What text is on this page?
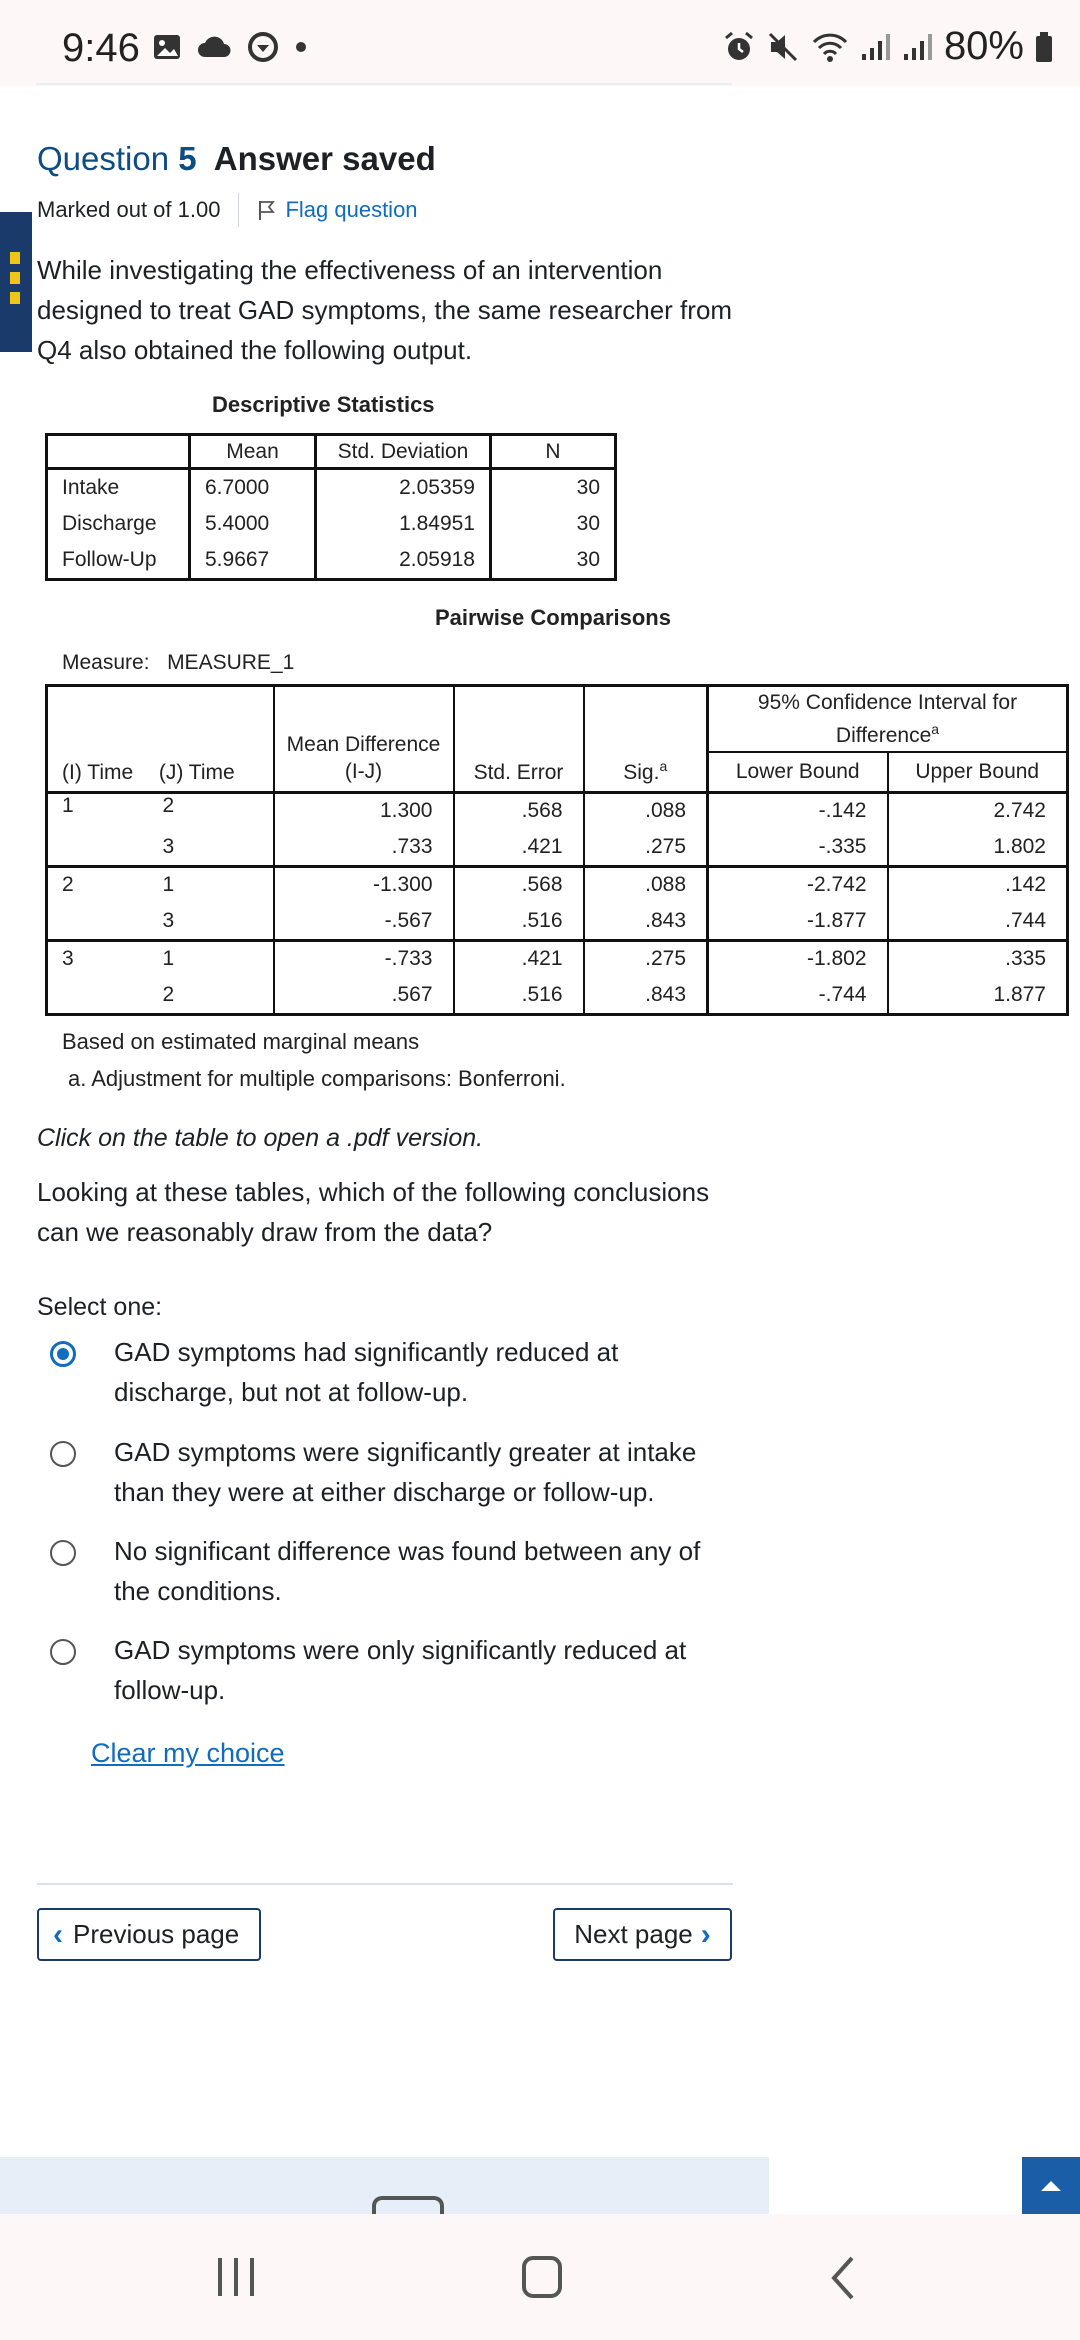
9:46	80%
Question 5 Answer saved
Marked out of 1.00	Flag question
While investigating the effectiveness of an intervention designed to treat GAD symptoms, the same researcher from Q4 also obtained the following output.
Descriptive Statistics
	Mean	Std. Deviation	N
Intake	6.7000	2.05359	30
Discharge	5.4000	1.84951	30
Follow-Up	5.9667	2.05918	30
Pairwise Comparisons
Measure: MEASURE_1
(I) Time (J) Time		Mean Difference (I-J)	Std. Error	Sig.$^a$	95% Confidence Interval for Difference$^a$
					Lower Bound	Upper Bound
1	2	1.300	.568	.088	-.142	2.742
	3	.733	.421	.275	-.335	1.802
2	1	-1.300	.568	.088	-2.742	.142
	3	-.567	.516	.843	-1.877	.744
3	1	-.733	.421	.275	-1.802	.335
	2	.567	.516	.843	-.744	1.877
Based on estimated marginal means
a. Adjustment for multiple comparisons: Bonferroni.
Click on the table to open a .pdf version.
Looking at these tables, which of the following conclusions can we reasonably draw from the data?
Select one:
GAD symptoms had significantly reduced at discharge, but not at follow-up.
GAD symptoms were significantly greater at intake than they were at either discharge or follow-up.
No significant difference was found between any of the conditions.
GAD symptoms were only significantly reduced at follow-up.
Clear my choice
‹ Previous page	Next page ›
